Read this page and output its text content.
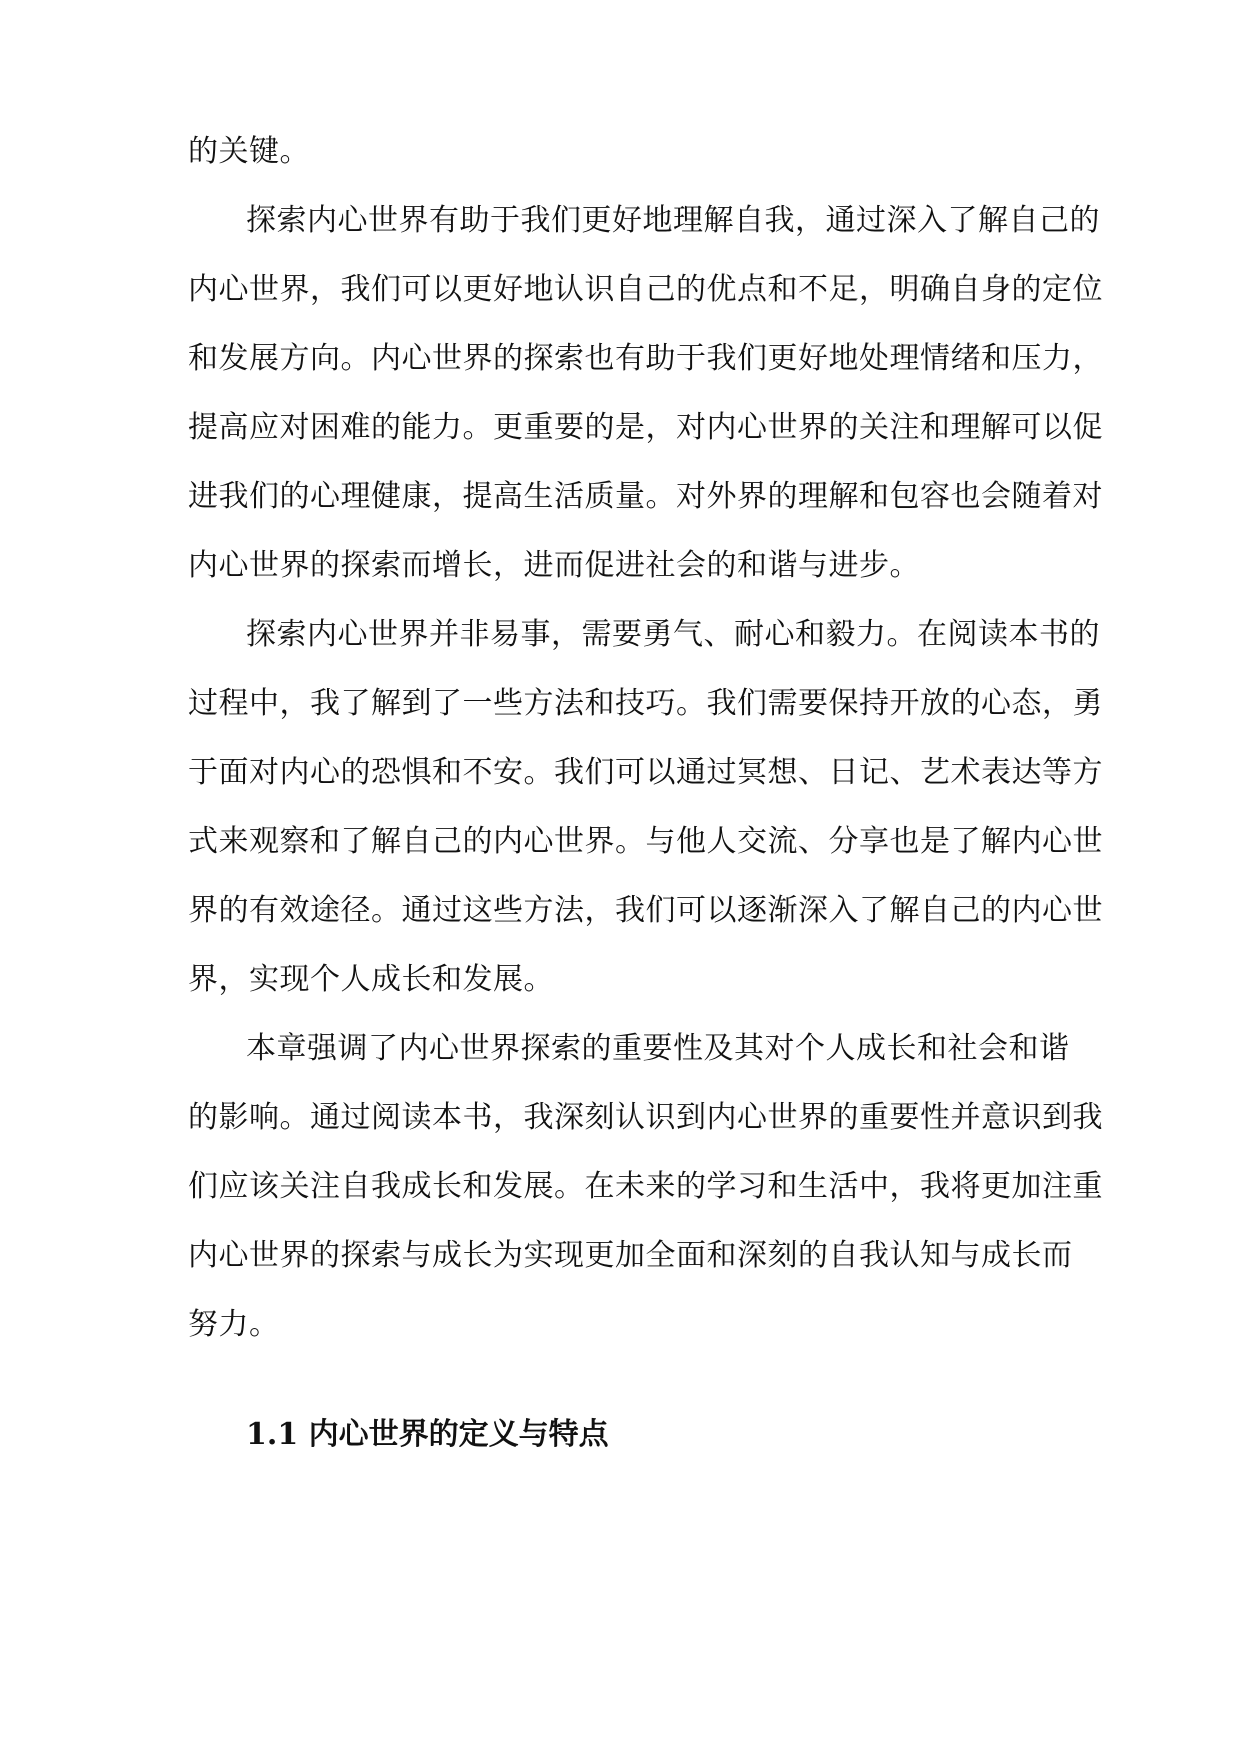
的关键。
探索内心世界有助于我们更好地理解自我，通过深入了解自己的
内心世界，我们可以更好地认识自己的优点和不足，明确自身的定位
和发展方向。内心世界的探索也有助于我们更好地处理情绪和压力，
提高应对困难的能力。更重要的是，对内心世界的关注和理解可以促
进我们的心理健康，提高生活质量。对外界的理解和包容也会随着对
内心世界的探索而增长，进而促进社会的和谐与进步。
探索内心世界并非易事，需要勇气、耐心和毅力。在阅读本书的
过程中，我了解到了一些方法和技巧。我们需要保持开放的心态，勇
于面对内心的恐惧和不安。我们可以通过冥想、日记、艺术表达等方
式来观察和了解自己的内心世界。与他人交流、分享也是了解内心世
界的有效途径。通过这些方法，我们可以逐渐深入了解自己的内心世
界，实现个人成长和发展。
本章强调了内心世界探索的重要性及其对个人成长和社会和谐
的影响。通过阅读本书，我深刻认识到内心世界的重要性并意识到我
们应该关注自我成长和发展。在未来的学习和生活中，我将更加注重
内心世界的探索与成长为实现更加全面和深刻的自我认知与成长而
努力。
1.1 内心世界的定义与特点
